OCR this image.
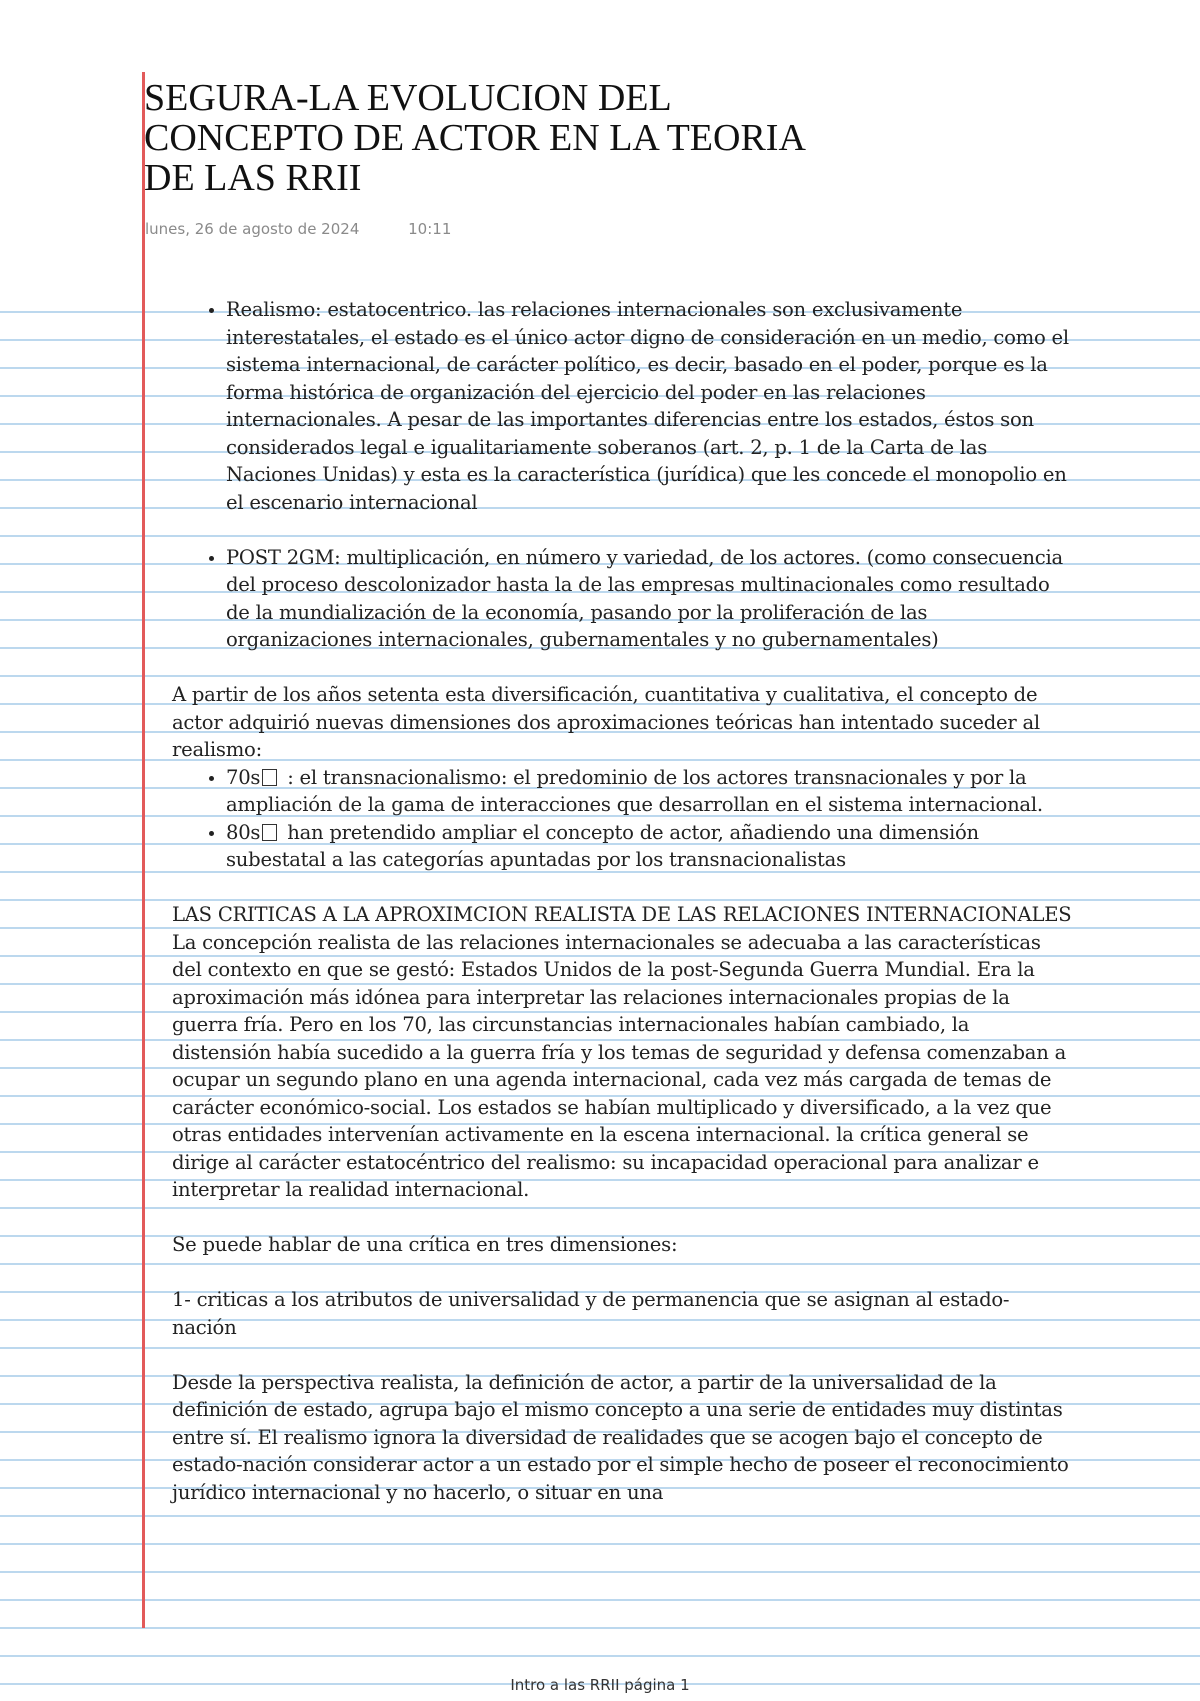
SEGURA-LA EVOLUCION DEL
CONCEPTO DE ACTOR EN LA TEORIA
DE LAS RRII
lunes, 26 de agosto de 2024	10:11
• Realismo: estatocentrico. las relaciones internacionales son exclusivamente interestatales, el estado es el único actor digno de consideración en un medio, como el sistema internacional, de carácter político, es decir, basado en el poder, porque es la forma histórica de organización del ejercicio del poder en las relaciones internacionales. A pesar de las importantes diferencias entre los estados, éstos son considerados legal e igualitariamente soberanos (art. 2, p. 1 de la Carta de las Naciones Unidas) y esta es la característica (jurídica) que les concede el monopolio en el escenario internacional
• POST 2GM: multiplicación, en número y variedad, de los actores. (como consecuencia del proceso descolonizador hasta la de las empresas multinacionales como resultado de la mundialización de la economía, pasando por la proliferación de las organizaciones internacionales, gubernamentales y no gubernamentales)

A partir de los años setenta esta diversificación, cuantitativa y cualitativa, el concepto de actor adquirió nuevas dimensiones dos aproximaciones teóricas han intentado suceder al realismo:

• 70s : el transnacionalismo: el predominio de los actores transnacionales y por la ampliación de la gama de interacciones que desarrollan en el sistema internacional.
• 80s han pretendido ampliar el concepto de actor, añadiendo una dimensión subestatal a las categorías apuntadas por los transnacionalistas

LAS CRITICAS A LA APROXIMCION REALISTA DE LAS RELACIONES INTERNACIONALES

La concepción realista de las relaciones internacionales se adecuaba a las características del contexto en que se gestó: Estados Unidos de la post-Segunda Guerra Mundial. Era la aproximación más idónea para interpretar las relaciones internacionales propias de la guerra fría. Pero en los 70, las circunstancias internacionales habían cambiado, la distensión había sucedido a la guerra fría y los temas de seguridad y defensa comenzaban a ocupar un segundo plano en una agenda internacional, cada vez más cargada de temas de carácter económico-social. Los estados se habían multiplicado y diversificado, a la vez que otras entidades intervenían activamente en la escena internacional. la crítica general se dirige al carácter estatocéntrico del realismo: su incapacidad operacional para analizar e interpretar la realidad internacional.

Se puede hablar de una crítica en tres dimensiones:

1- criticas a los atributos de universalidad y de permanencia que se asignan al estado-nación

Desde la perspectiva realista, la definición de actor, a partir de la universalidad de la definición de estado, agrupa bajo el mismo concepto a una serie de entidades muy distintas entre sí. El realismo ignora la diversidad de realidades que se acogen bajo el concepto de estado-nación considerar actor a un estado por el simple hecho de poseer el reconocimiento jurídico internacional y no hacerlo, o situar en una

Intro a las RRII página 1
